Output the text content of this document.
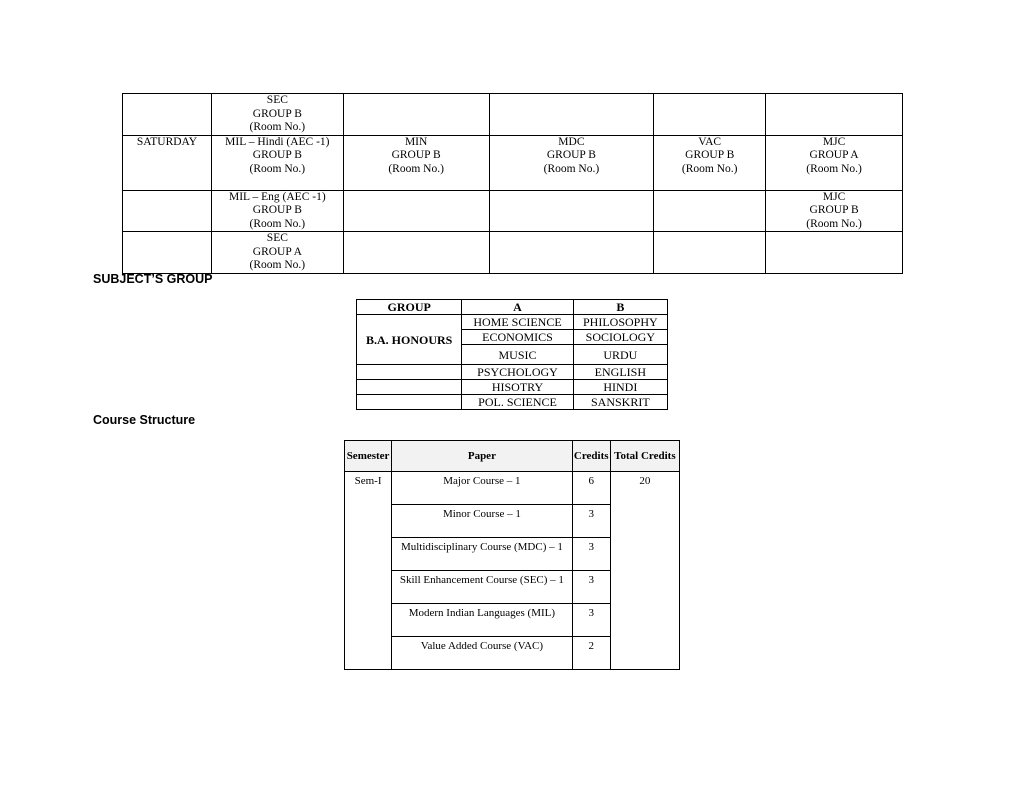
	SEC
GROUP B
(Room No.)				

SATURDAY	MIL – Hindi (AEC -1)
GROUP B
(Room No.)	MIN
GROUP B
(Room No.)	MDC
GROUP B
(Room No.)	VAC
GROUP B
(Room No.)	MJC
GROUP A
(Room No.)

	MIL – Eng (AEC -1)
GROUP B
(Room No.)				MJC
GROUP B
(Room No.)

	SEC
GROUP A
(Room No.)				

SUBJECT’S GROUP
GROUP	A	B
B.A. HONOURS	HOME SCIENCE	PHILOSOPHY
	ECONOMICS	SOCIOLOGY
	MUSIC	URDU
	PSYCHOLOGY	ENGLISH
	HISOTRY	HINDI
	POL. SCIENCE	SANSKRIT
Course Structure
Semester	Paper	Credits	Total Credits
Sem-I	Major Course – 1	6	20
	Minor Course – 1	3	
	Multidisciplinary Course (MDC) – 1	3	
	Skill Enhancement Course (SEC) – 1	3	
	Modern Indian Languages (MIL)	3	
	Value Added Course (VAC)	2	
